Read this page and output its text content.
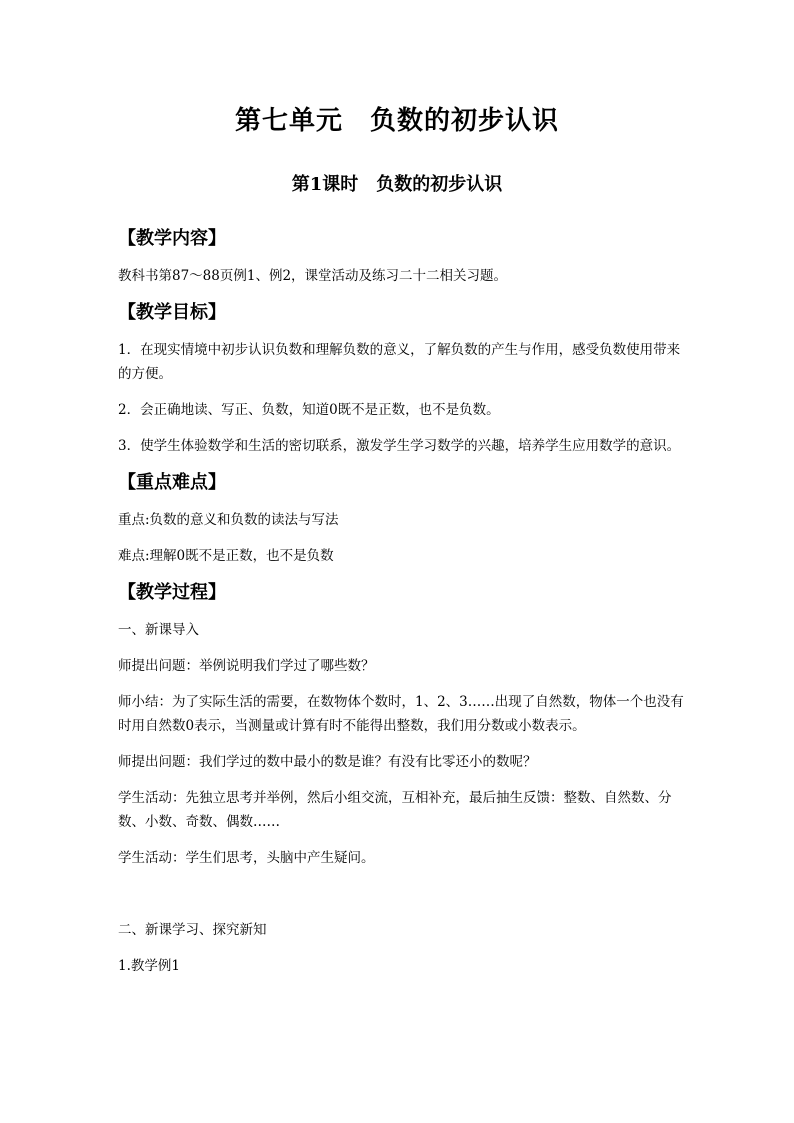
第七单元　负数的初步认识
第1课时　负数的初步认识
【教学内容】
教科书第87～88页例1、例2，课堂活动及练习二十二相关习题。
【教学目标】
1．在现实情境中初步认识负数和理解负数的意义，了解负数的产生与作用，感受负数使用带来的方便。
2．会正确地读、写正、负数，知道0既不是正数，也不是负数。
3．使学生体验数学和生活的密切联系，激发学生学习数学的兴趣，培养学生应用数学的意识。
【重点难点】
重点:负数的意义和负数的读法与写法
难点:理解0既不是正数，也不是负数
【教学过程】
一、新课导入
师提出问题：举例说明我们学过了哪些数？
师小结：为了实际生活的需要，在数物体个数时，1、2、3……出现了自然数，物体一个也没有时用自然数0表示，当测量或计算有时不能得出整数，我们用分数或小数表示。
师提出问题：我们学过的数中最小的数是谁？有没有比零还小的数呢？
学生活动：先独立思考并举例，然后小组交流，互相补充，最后抽生反馈：整数、自然数、分数、小数、奇数、偶数……
学生活动：学生们思考，头脑中产生疑问。
二、新课学习、探究新知
1.教学例1
